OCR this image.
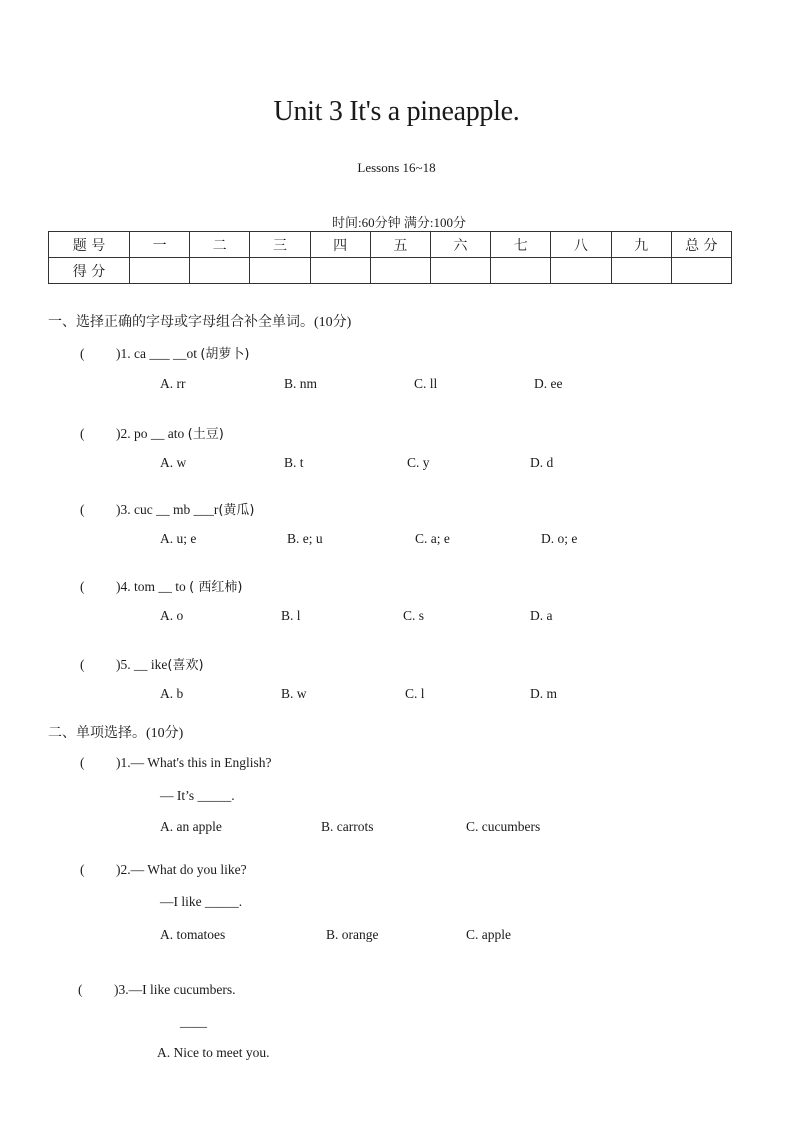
Unit 3 It's a pineapple.
Lessons 16~18
时间:60分钟 满分:100分
题 号	一	二	三	四	五	六	七	八	九	总 分
得 分										
一、选择正确的字母或字母组合补全单词。(10分)
( )1. ca ___ __ot (胡萝卜)
A. rr	B. nm	C. ll	D. ee
( )2. po __ ato (土豆)
A. w	B. t	C. y	D. d
( )3. cuc __ mb ___r(黄瓜)
A. u; e	B. e; u	C. a; e	D. o; e
( )4. tom __ to ( 西红柿)
A. o	B. l	C. s	D. a
( )5. __ ike(喜欢)
A. b	B. w	C. l	D. m
二、单项选择。(10分)
( )1.— What's this in English?
— It’s _____.
A. an apple	B. carrots	C. cucumbers
( )2.— What do you like?
—I like _____.
A. tomatoes	B. orange	C. apple
( )3.—I like cucumbers.
____
A. Nice to meet you.
